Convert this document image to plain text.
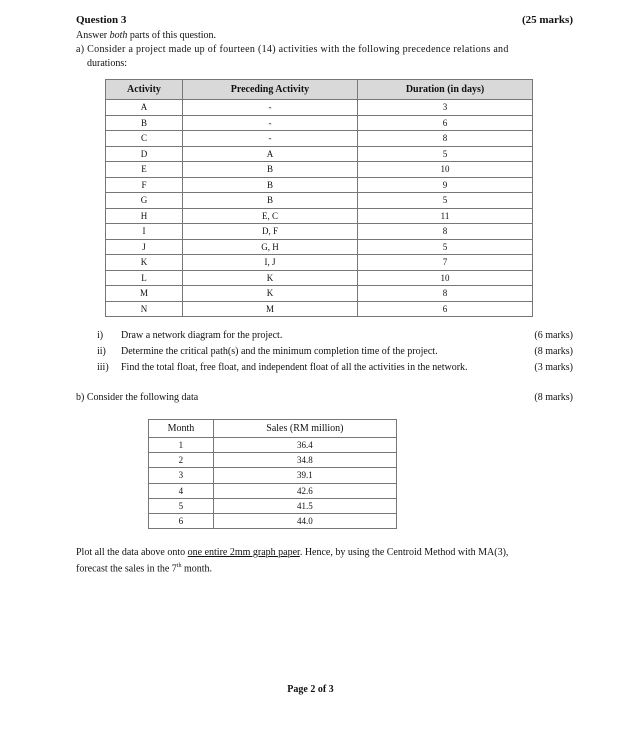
Question 3	(25 marks)
Answer both parts of this question.
a) Consider a project made up of fourteen (14) activities with the following precedence relations and
durations:
Activity	Preceding Activity	Duration (in days)
A	-	3
B	-	6
C	-	8
D	A	5
E	B	10
F	B	9
G	B	5
H	E, C	11
I	D, F	8
J	G, H	5
K	I, J	7
L	K	10
M	K	8
N	M	6
i) Draw a network diagram for the project.	(6 marks)
ii) Determine the critical path(s) and the minimum completion time of the project.	(8 marks)
iii) Find the total float, free float, and independent float of all the activities in the network.	(3 marks)
b) Consider the following data	(8 marks)
Month	Sales (RM million)
1	36.4
2	34.8
3	39.1
4	42.6
5	41.5
6	44.0
Plot all the data above onto one entire 2mm graph paper. Hence, by using the Centroid Method with MA(3),
forecast the sales in the 7th month.
Page 2 of 3
